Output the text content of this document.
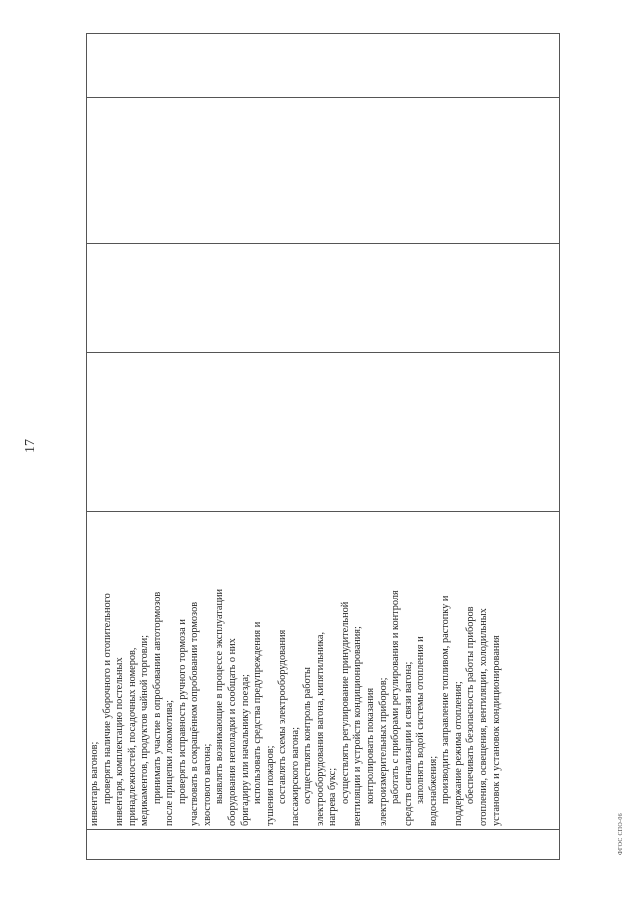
17
инвентарь вагонов; проверять наличие уборочного и отопительного инвентаря, комплектацию постельных принадлежностей, посадочных номеров, медикаментов, продуктов чайной торговли; принимать участие в опробовании автотормозов после прицепки локомотива; проверять исправность ручного тормоза и участвовать в сокращённом опробовании тормозов хвостового вагона; выявлять возникающие в процессе эксплуатации оборудования неполадки и сообщать о них бригадиру или начальнику поезда; использовать средства предупреждения и тушения пожаров; составлять схемы электрооборудования пассажирского вагона; осуществлять контроль работы электрооборудования вагона, кипятильника, нагрева букс; осуществлять регулирование принудительной вентиляции и устройств кондиционирования; контролировать показания электроизмерительных приборов; работать с приборами регулирования и контроля средств сигнализации и связи вагона; заполнять водой системы отопления и водоснабжения; производить заправление топливом, растопку и поддержание режима отопления; обеспечивать безопасность работы приборов отопления, освещения, вентиляции, холодильных установок и установок кондиционирования
ФГОС СПО-06
